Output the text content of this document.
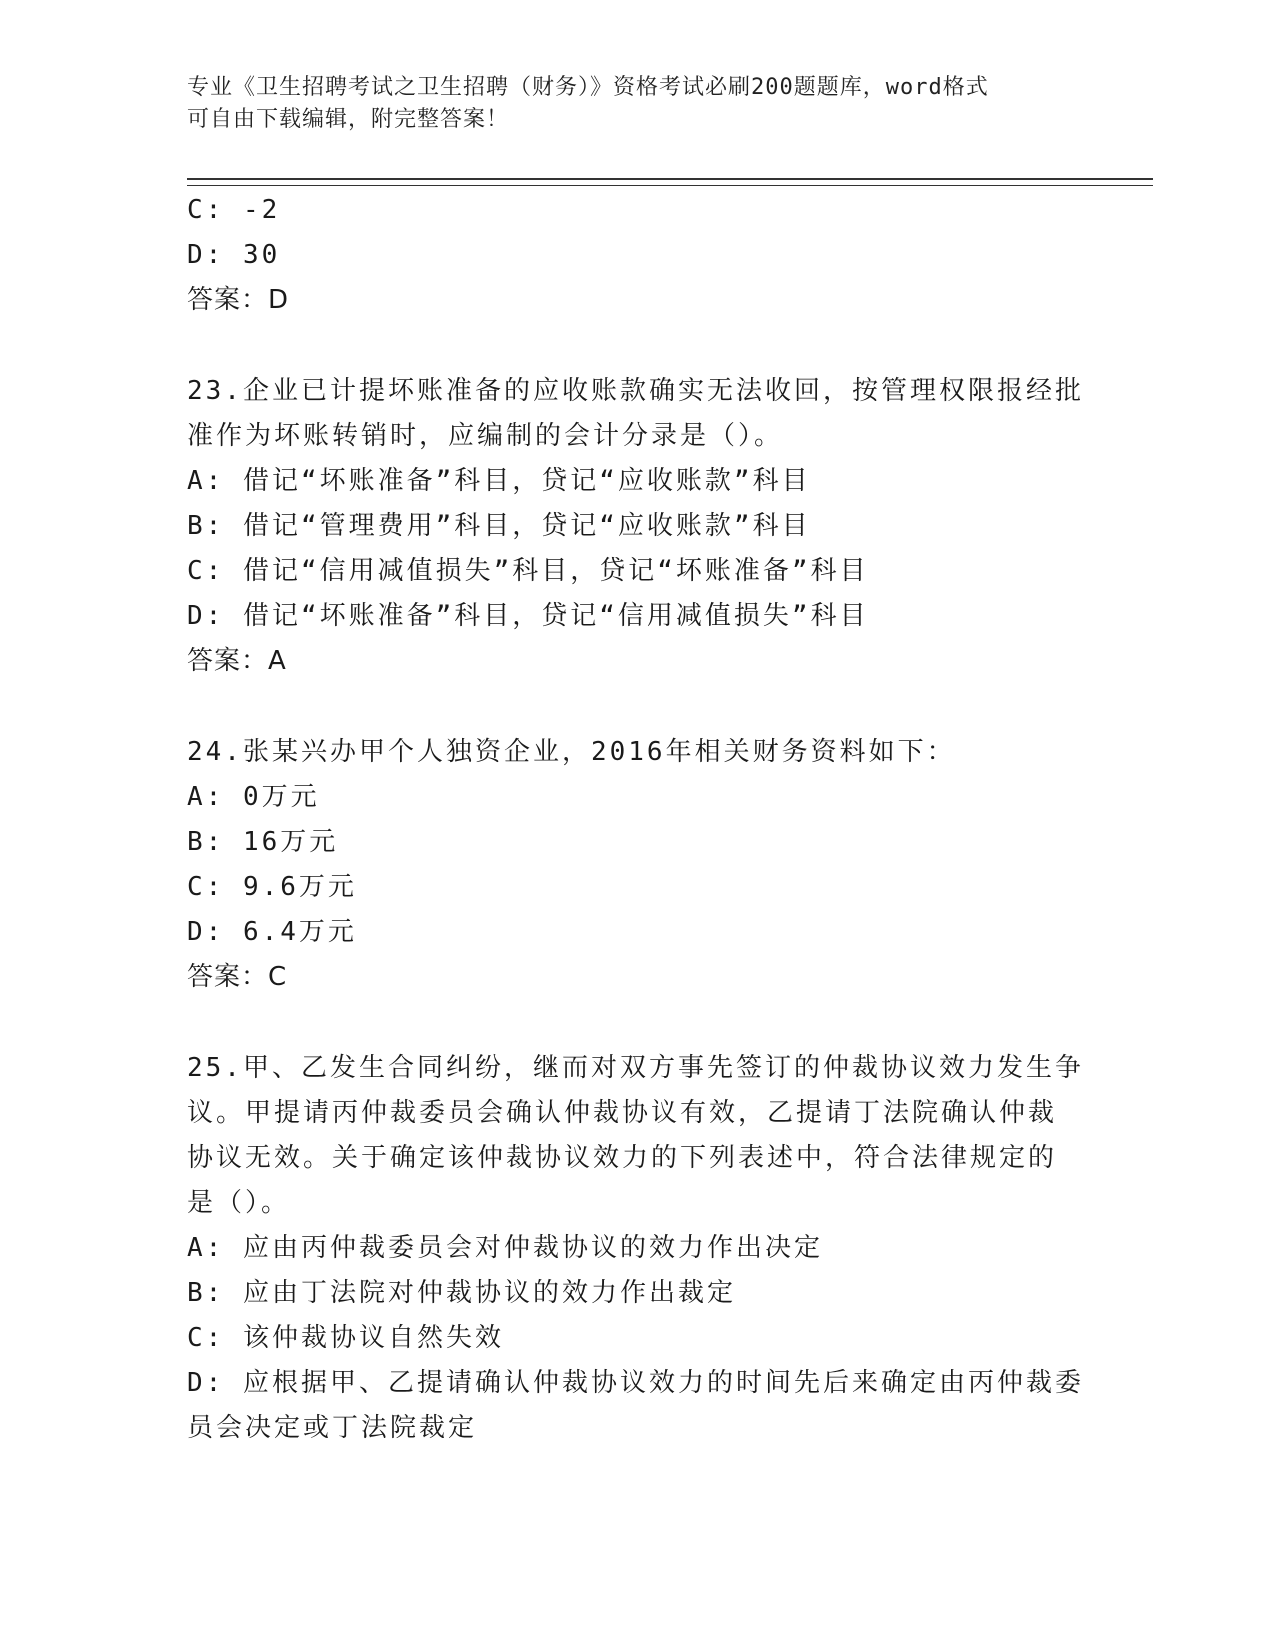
专业《卫生招聘考试之卫生招聘（财务）》资格考试必刷200题题库，word格式
可自由下载编辑，附完整答案！
C: -2
D: 30
答案：D
23.企业已计提坏账准备的应收账款确实无法收回，按管理权限报经批
准作为坏账转销时，应编制的会计分录是（）。
A: 借记“坏账准备”科目，贷记“应收账款”科目
B: 借记“管理费用”科目，贷记“应收账款”科目
C: 借记“信用减值损失”科目，贷记“坏账准备”科目
D: 借记“坏账准备”科目，贷记“信用减值损失”科目
答案：A
24.张某兴办甲个人独资企业，2016年相关财务资料如下：
A: 0万元
B: 16万元
C: 9.6万元
D: 6.4万元
答案：C
25.甲、乙发生合同纠纷，继而对双方事先签订的仲裁协议效力发生争
议。甲提请丙仲裁委员会确认仲裁协议有效，乙提请丁法院确认仲裁
协议无效。关于确定该仲裁协议效力的下列表述中，符合法律规定的
是（）。
A: 应由丙仲裁委员会对仲裁协议的效力作出决定
B: 应由丁法院对仲裁协议的效力作出裁定
C: 该仲裁协议自然失效
D: 应根据甲、乙提请确认仲裁协议效力的时间先后来确定由丙仲裁委
员会决定或丁法院裁定
